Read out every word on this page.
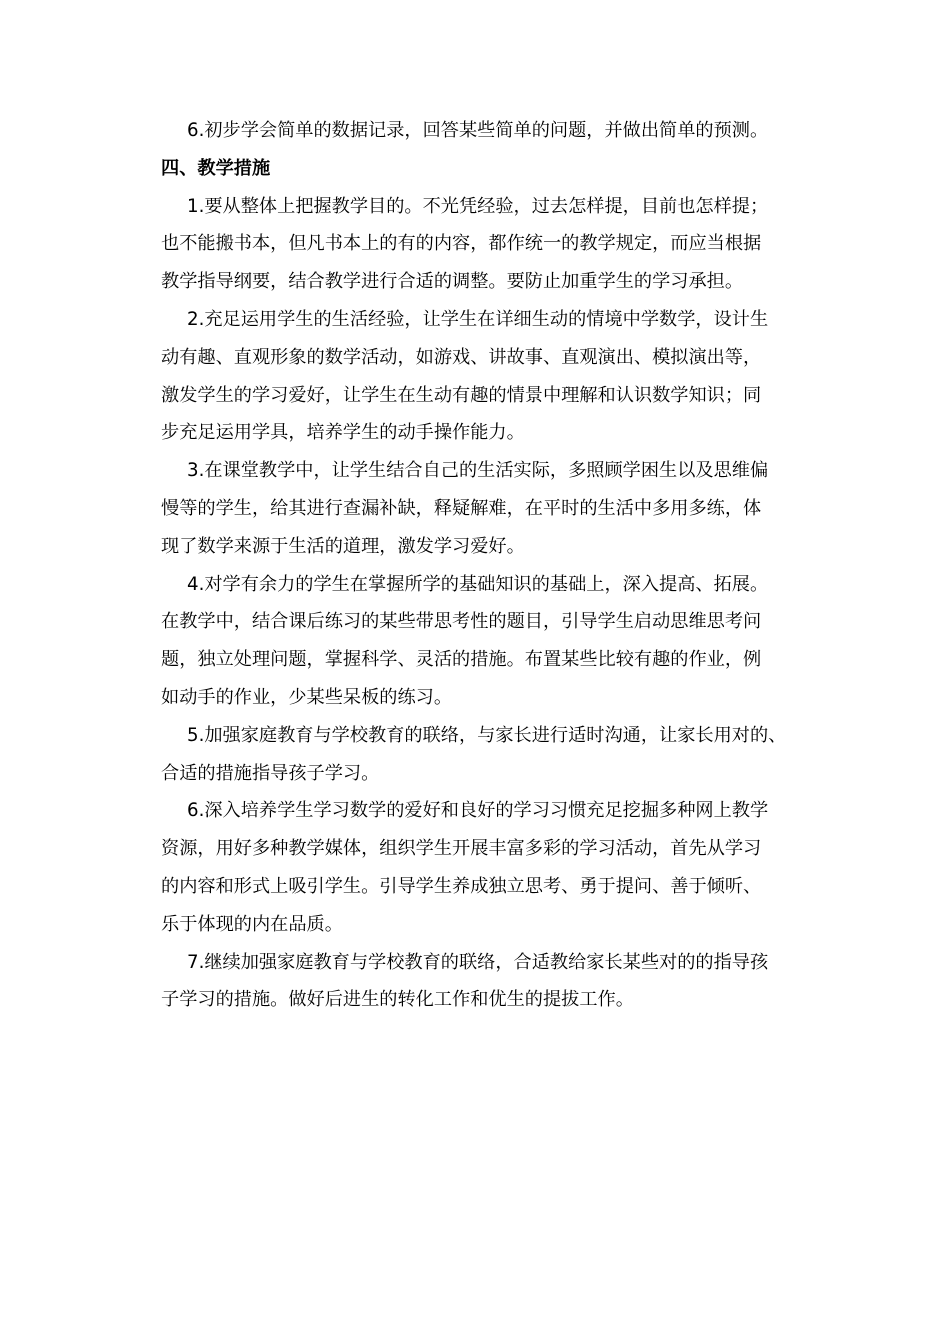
6.初步学会简单的数据记录，回答某些简单的问题，并做出简单的预测。
四、教学措施
1.要从整体上把握教学目的。不光凭经验，过去怎样提，目前也怎样提；
也不能搬书本，但凡书本上的有的内容，都作统一的教学规定，而应当根据
教学指导纲要，结合教学进行合适的调整。要防止加重学生的学习承担。
2.充足运用学生的生活经验，让学生在详细生动的情境中学数学，设计生
动有趣、直观形象的数学活动，如游戏、讲故事、直观演出、模拟演出等，
激发学生的学习爱好，让学生在生动有趣的情景中理解和认识数学知识；同
步充足运用学具，培养学生的动手操作能力。
3.在课堂教学中，让学生结合自己的生活实际，多照顾学困生以及思维偏
慢等的学生，给其进行查漏补缺，释疑解难，在平时的生活中多用多练，体
现了数学来源于生活的道理，激发学习爱好。
4.对学有余力的学生在掌握所学的基础知识的基础上，深入提高、拓展。
在教学中，结合课后练习的某些带思考性的题目，引导学生启动思维思考问
题，独立处理问题，掌握科学、灵活的措施。布置某些比较有趣的作业，例
如动手的作业，少某些呆板的练习。
5.加强家庭教育与学校教育的联络，与家长进行适时沟通，让家长用对的、
合适的措施指导孩子学习。
6.深入培养学生学习数学的爱好和良好的学习习惯充足挖掘多种网上教学
资源，用好多种教学媒体，组织学生开展丰富多彩的学习活动，首先从学习
的内容和形式上吸引学生。引导学生养成独立思考、勇于提问、善于倾听、
乐于体现的内在品质。
7.继续加强家庭教育与学校教育的联络，合适教给家长某些对的的指导孩
子学习的措施。做好后进生的转化工作和优生的提拔工作。
